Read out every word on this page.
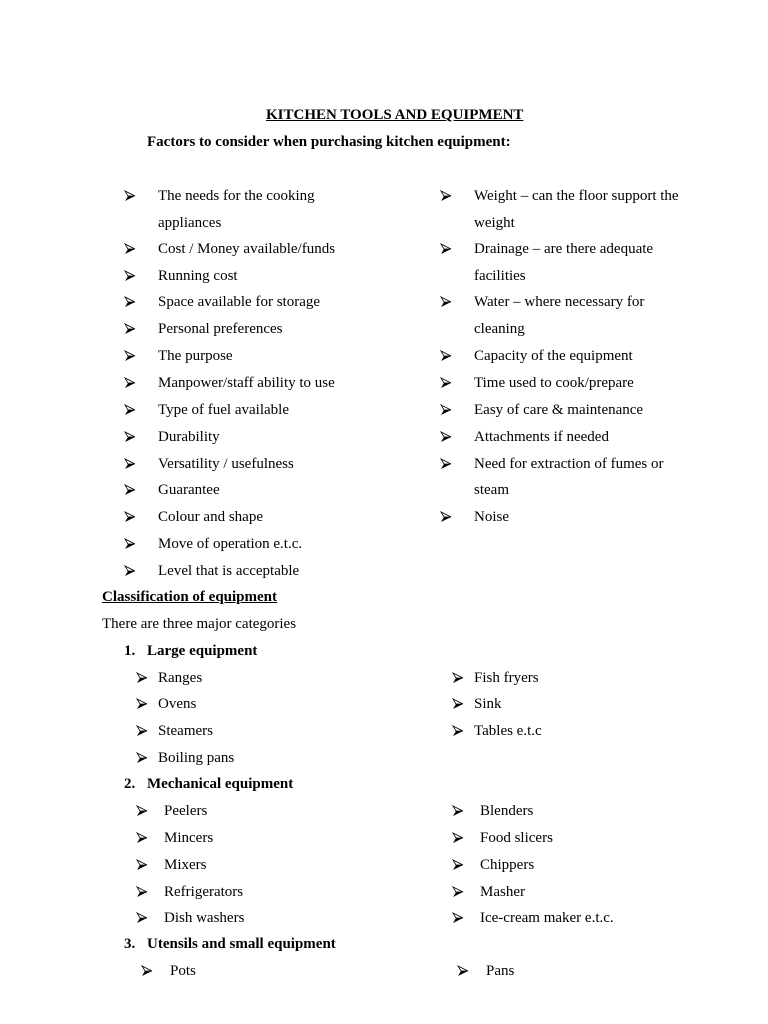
KITCHEN TOOLS AND EQUIPMENT
Factors to consider when purchasing kitchen equipment:
The needs for the cooking
appliances
Cost / Money available/funds
Running cost
Space available for storage
Personal preferences
The purpose
Manpower/staff ability to use
Type of fuel available
Durability
Versatility / usefulness
Guarantee
Colour and shape
Move of operation e.t.c.
Level that is acceptable
Weight – can the floor support the
weight
Drainage – are there adequate
facilities
Water – where necessary for
cleaning
Capacity of the equipment
Time used to cook/prepare
Easy of care & maintenance
Attachments if needed
Need for extraction of fumes or
steam
Noise
Classification of equipment
There are three major categories
1. Large equipment
Ranges
Ovens
Steamers
Boiling pans
Fish fryers
Sink
Tables e.t.c
2. Mechanical equipment
Peelers
Mincers
Mixers
Refrigerators
Dish washers
Blenders
Food slicers
Chippers
Masher
Ice-cream maker e.t.c.
3. Utensils and small equipment
Pots	Pans
